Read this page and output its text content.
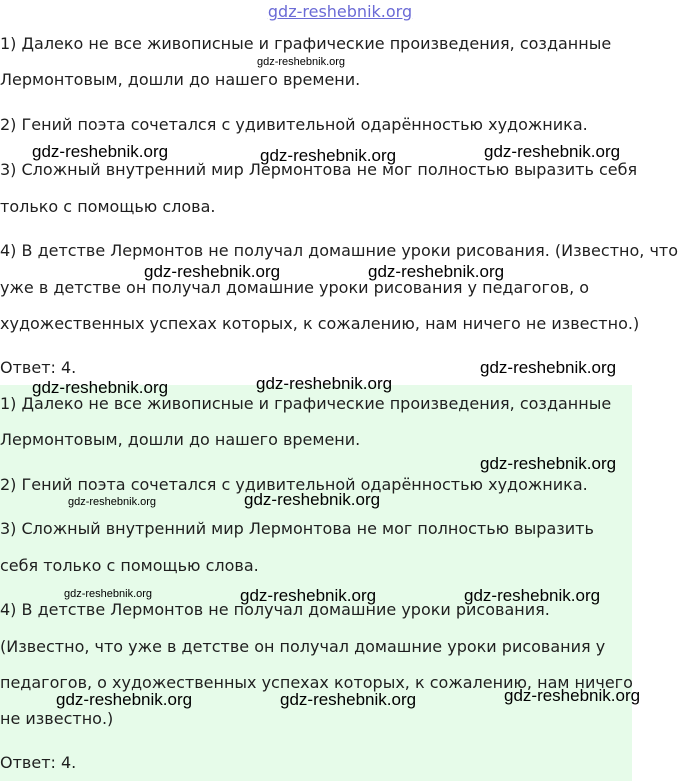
gdz-reshebnik.org
1) Далеко не все живописные и графические произведения, созданные
Лермонтовым, дошли до нашего времени.
2) Гений поэта сочетался с удивительной одарённостью художника.
3) Сложный внутренний мир Лермонтова не мог полностью выразить себя
только с помощью слова.
4) В детстве Лермонтов не получал домашние уроки рисования. (Известно, что
уже в детстве он получал домашние уроки рисования у педагогов, о
художественных успехах которых, к сожалению, нам ничего не известно.)
Ответ: 4.
1) Далеко не все живописные и графические произведения, созданные
Лермонтовым, дошли до нашего времени.
2) Гений поэта сочетался с удивительной одарённостью художника.
3) Сложный внутренний мир Лермонтова не мог полностью выразить
себя только с помощью слова.
4) В детстве Лермонтов не получал домашние уроки рисования.
(Известно, что уже в детстве он получал домашние уроки рисования у
педагогов, о художественных успехах которых, к сожалению, нам ничего
не известно.)
Ответ: 4.
gdz-reshebnik.org
gdz-reshebnik.org	gdz-reshebnik.org	gdz-reshebnik.org
gdz-reshebnik.org	gdz-reshebnik.org
gdz-reshebnik.org
gdz-reshebnik.org	gdz-reshebnik.org
gdz-reshebnik.org
gdz-reshebnik.org	gdz-reshebnik.org
gdz-reshebnik.org	gdz-reshebnik.org	gdz-reshebnik.org
gdz-reshebnik.org	gdz-reshebnik.org	gdz-reshebnik.org
